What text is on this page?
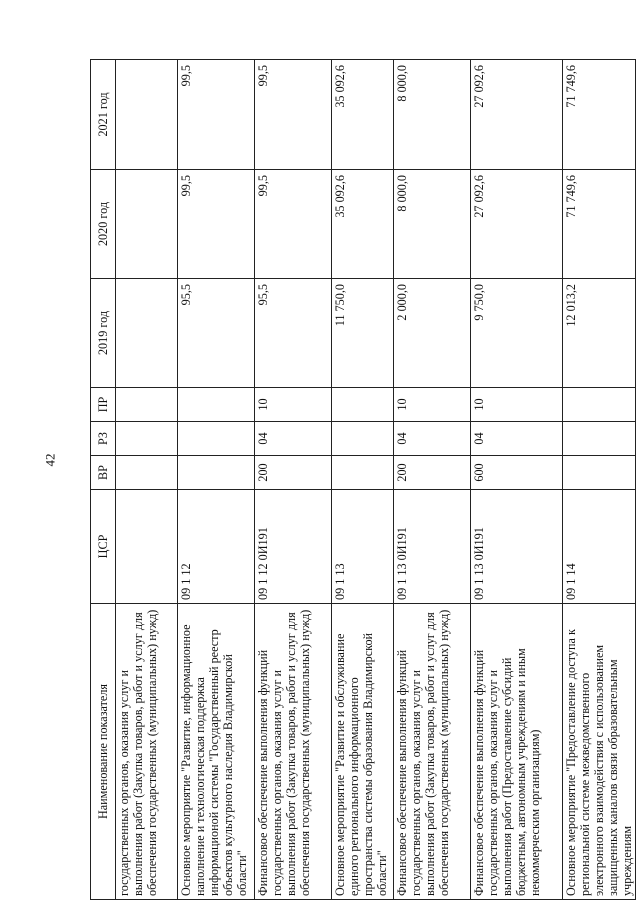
42
Наименование показателя	ЦСР	ВР	РЗ	ПР	2019 год	2020 год	2021 год
государственных органов, оказания услуг и выполнения работ (Закупка товаров, работ и услуг для обеспечения государственных (муниципальных) нужд)							
Основное мероприятие "Развитие, информационное наполнение и технологическая поддержка информационой системы "Государственный реестр объектов культурного наследия Владимирской области"	09 1 12				95,5	99,5	99,5
Финансовое обеспечение выполнения функций государственных органов, оказания услуг и выполнения работ (Закупка товаров, работ и услуг для обеспечения государственных (муниципальных) нужд)	09 1 12 0И191	200	04	10	95,5	99,5	99,5
Основное мероприятие "Развитие и обслуживание единого регионального информационного пространства системы образования Владимирской области"	09 1 13				11 750,0	35 092,6	35 092,6
Финансовое обеспечение выполнения функций государственных органов, оказания услуг и выполнения работ (Закупка товаров, работ и услуг для обеспечения государственных (муниципальных) нужд)	09 1 13 0И191	200	04	10	2 000,0	8 000,0	8 000,0
Финансовое обеспечение выполнения функций государственных органов, оказания услуг и выполнения работ (Предоставление субсидий бюджетным, автономным учреждениям и иным некоммерческим организациям)	09 1 13 0И191	600	04	10	9 750,0	27 092,6	27 092,6
Основное мероприятие "Предоставление доступа к региональной системе межведомственного электронного взаимодействия с использованием защищенных каналов связи образовательным учреждениям	09 1 14				12 013,2	71 749,6	71 749,6
